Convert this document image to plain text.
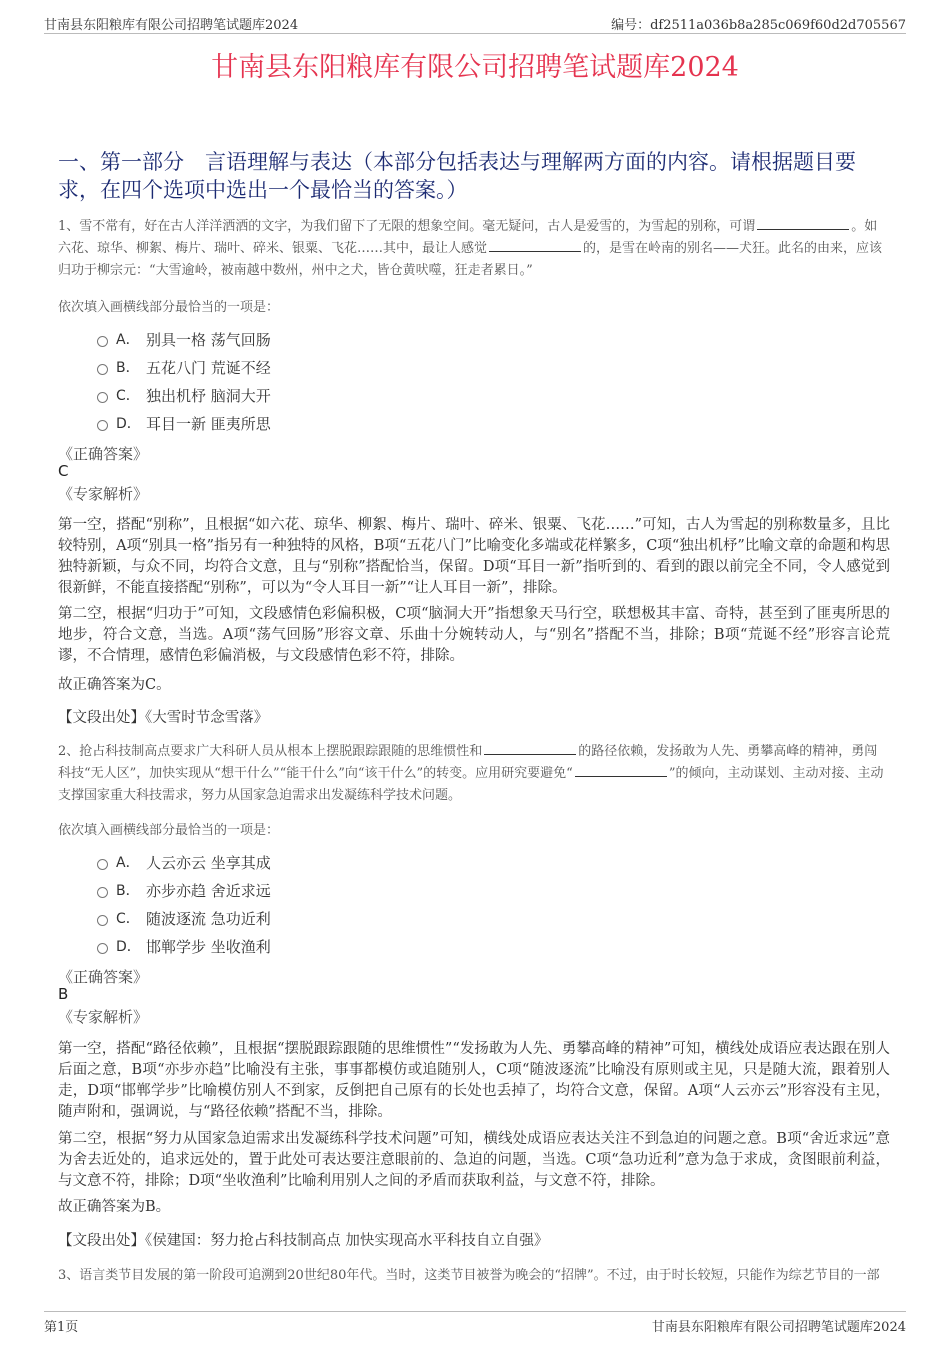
甘南县东阳粮库有限公司招聘笔试题库2024	编号：df2511a036b8a285c069f60d2d705567
甘南县东阳粮库有限公司招聘笔试题库2024
一、第一部分　言语理解与表达（本部分包括表达与理解两方面的内容。请根据题目要求，在四个选项中选出一个最恰当的答案。）
1、雪不常有，好在古人洋洋洒洒的文字，为我们留下了无限的想象空间。毫无疑问，古人是爱雪的，为雪起的别称，可谓	。如六花、琼华、柳絮、梅片、瑞叶、碎米、银粟、飞花……其中，最让人感觉	的，是雪在岭南的别名——犬狂。此名的由来，应该归功于柳宗元：“大雪逾岭，被南越中数州，州中之犬，皆仓黄吠噬，狂走者累日。”
依次填入画横线部分最恰当的一项是：
A． 别具一格 荡气回肠
B． 五花八门 荒诞不经
C． 独出机杼 脑洞大开
D． 耳目一新 匪夷所思
《正确答案》
C
《专家解析》
第一空，搭配“别称”，且根据“如六花、琼华、柳絮、梅片、瑞叶、碎米、银粟、飞花……”可知，古人为雪起的别称数量多，且比较特别，A项“别具一格”指另有一种独特的风格，B项“五花八门”比喻变化多端或花样繁多，C项“独出机杼”比喻文章的命题和构思独特新颖，与众不同，均符合文意，且与“别称”搭配恰当，保留。D项“耳目一新”指听到的、看到的跟以前完全不同，令人感觉到很新鲜，不能直接搭配“别称”，可以为“令人耳目一新”“让人耳目一新”，排除。
第二空，根据“归功于”可知，文段感情色彩偏积极，C项“脑洞大开”指想象天马行空，联想极其丰富、奇特，甚至到了匪夷所思的地步，符合文意，当选。A项“荡气回肠”形容文章、乐曲十分婉转动人，与“别名”搭配不当，排除；B项“荒诞不经”形容言论荒谬，不合情理，感情色彩偏消极，与文段感情色彩不符，排除。
故正确答案为C。
【文段出处】《大雪时节念雪落》
2、抢占科技制高点要求广大科研人员从根本上摆脱跟踪跟随的思维惯性和	的路径依赖，发扬敢为人先、勇攀高峰的精神，勇闯科技“无人区”，加快实现从“想干什么”“能干什么”向“该干什么”的转变。应用研究要避免“	”的倾向，主动谋划、主动对接、主动支撑国家重大科技需求，努力从国家急迫需求出发凝练科学技术问题。
依次填入画横线部分最恰当的一项是：
A． 人云亦云 坐享其成
B． 亦步亦趋 舍近求远
C． 随波逐流 急功近利
D． 邯郸学步 坐收渔利
《正确答案》
B
《专家解析》
第一空，搭配“路径依赖”，且根据“摆脱跟踪跟随的思维惯性”“发扬敢为人先、勇攀高峰的精神”可知，横线处成语应表达跟在别人后面之意，B项“亦步亦趋”比喻没有主张，事事都模仿或追随别人，C项“随波逐流”比喻没有原则或主见，只是随大流，跟着别人走，D项“邯郸学步”比喻模仿别人不到家，反倒把自己原有的长处也丢掉了，均符合文意，保留。A项“人云亦云”形容没有主见，随声附和，强调说，与“路径依赖”搭配不当，排除。
第二空，根据“努力从国家急迫需求出发凝练科学技术问题”可知，横线处成语应表达关注不到急迫的问题之意。B项“舍近求远”意为舍去近处的，追求远处的，置于此处可表达要注意眼前的、急迫的问题，当选。C项“急功近利”意为急于求成，贪图眼前利益，与文意不符，排除；D项“坐收渔利”比喻利用别人之间的矛盾而获取利益，与文意不符，排除。
故正确答案为B。
【文段出处】《侯建国：努力抢占科技制高点 加快实现高水平科技自立自强》
3、语言类节目发展的第一阶段可追溯到20世纪80年代。当时，这类节目被誉为晚会的“招牌”。不过，由于时长较短，只能作为综艺节目的一部
第1页	甘南县东阳粮库有限公司招聘笔试题库2024
